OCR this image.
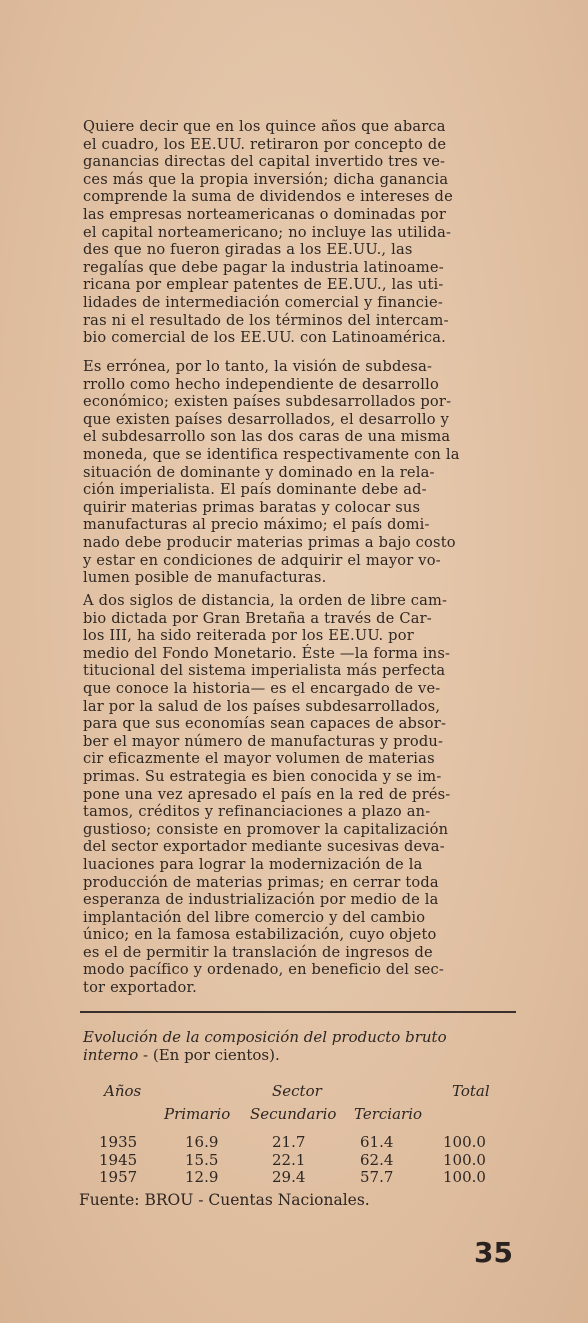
Quiere decir que en los quince años que abarca
el cuadro, los EE.UU. retiraron por concepto de
ganancias directas del capital invertido tres ve-
ces más que la propia inversión; dicha ganancia
comprende la suma de dividendos e intereses de
las empresas norteamericanas o dominadas por
el capital norteamericano; no incluye las utilida-
des que no fueron giradas a los EE.UU., las
regalías que debe pagar la industria latinoame-
ricana por emplear patentes de EE.UU., las uti-
lidades de intermediación comercial y financie-
ras ni el resultado de los términos del intercam-
bio comercial de los EE.UU. con Latinoamérica.
Es errónea, por lo tanto, la visión de subdesa-
rrollo como hecho independiente de desarrollo
económico; existen países subdesarrollados por-
que existen países desarrollados, el desarrollo y
el subdesarrollo son las dos caras de una misma
moneda, que se identifica respectivamente con la
situación de dominante y dominado en la rela-
ción imperialista. El país dominante debe ad-
quirir materias primas baratas y colocar sus
manufacturas al precio máximo; el país domi-
nado debe producir materias primas a bajo costo
y estar en condiciones de adquirir el mayor vo-
lumen posible de manufacturas.
A dos siglos de distancia, la orden de libre cam-
bio dictada por Gran Bretaña a través de Car-
los III, ha sido reiterada por los EE.UU. por
medio del Fondo Monetario. Éste —la forma ins-
titucional del sistema imperialista más perfecta
que conoce la historia— es el encargado de ve-
lar por la salud de los países subdesarrollados,
para que sus economías sean capaces de absor-
ber el mayor número de manufacturas y produ-
cir eficazmente el mayor volumen de materias
primas. Su estrategia es bien conocida y se im-
pone una vez apresado el país en la red de prés-
tamos, créditos y refinanciaciones a plazo an-
gustioso; consiste en promover la capitalización
del sector exportador mediante sucesivas deva-
luaciones para lograr la modernización de la
producción de materias primas; en cerrar toda
esperanza de industrialización por medio de la
implantación del libre comercio y del cambio
único; en la famosa estabilización, cuyo objeto
es el de permitir la translación de ingresos de
modo pacífico y ordenado, en beneficio del sec-
tor exportador.
Evolución de la composición del producto bruto
interno - (En por cientos).
Años	Sector	Total
Primario Secundario Terciario
1935	16.9	21.7	61.4	100.0
1945	15.5	22.1	62.4	100.0
1957	12.9	29.4	57.7	100.0
Fuente: BROU - Cuentas Nacionales.
35
